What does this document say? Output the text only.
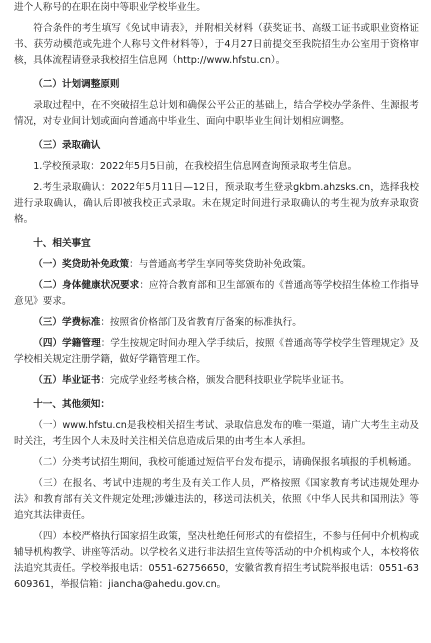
进个人称号的在职在岗中等职业学校毕业生。

符合条件的考生填写《免试申请表》，并附相关材料（获奖证书、高级工证书或职业资格证书、获劳动模范或先进个人称号文件材料等），于4月27日前提交至我院招生办公室用于资格审核，具体流程请登录我校招生信息网（http://www.hfstu.cn）。

（二）计划调整原则

录取过程中，在不突破招生总计划和确保公平公正的基础上，结合学校办学条件、生源报考情况，对专业间计划或面向普通高中毕业生、面向中职毕业生间计划相应调整。

（三）录取确认

1.学校预录取：2022年5月5日前，在我校招生信息网查询预录取考生信息。

2.考生录取确认：2022年5月11日—12日，预录取考生登录gkbm.ahzsks.cn，选择我校进行录取确认，确认后即被我校正式录取。未在规定时间进行录取确认的考生视为放弃录取资格。

十、相关事宜

（一）奖贷助补免政策：与普通高考学生享同等奖贷助补免政策。

（二）身体健康状况要求：应符合教育部和卫生部颁布的《普通高等学校招生体检工作指导意见》要求。

（三）学费标准：按照省价格部门及省教育厅备案的标准执行。

（四）学籍管理：学生按规定时间办理入学手续后，按照《普通高等学校学生管理规定》及学校相关规定注册学籍，做好学籍管理工作。

（五）毕业证书：完成学业经考核合格，颁发合肥科技职业学院毕业证书。

十一、其他须知：

（一）www.hfstu.cn是我校相关招生考试、录取信息发布的唯一渠道，请广大考生主动及时关注，考生因个人未及时关注相关信息造成后果的由考生本人承担。

（二）分类考试招生期间，我校可能通过短信平台发布提示，请确保报名填报的手机畅通。

（三）在报名、考试中违规的考生及有关工作人员，严格按照《国家教育考试违规处理办法》和教育部有关文件规定处理;涉嫌违法的，移送司法机关，依照《中华人民共和国刑法》等追究其法律责任。

（四）本校严格执行国家招生政策，坚决杜绝任何形式的有偿招生，不参与任何中介机构或辅导机构教学、讲座等活动。以学校名义进行非法招生宣传等活动的中介机构或个人，本校将依法追究其责任。学校举报电话：0551-62756650，安徽省教育招生考试院举报电话：0551-63609361，举报信箱：jiancha@ahedu.gov.cn。
